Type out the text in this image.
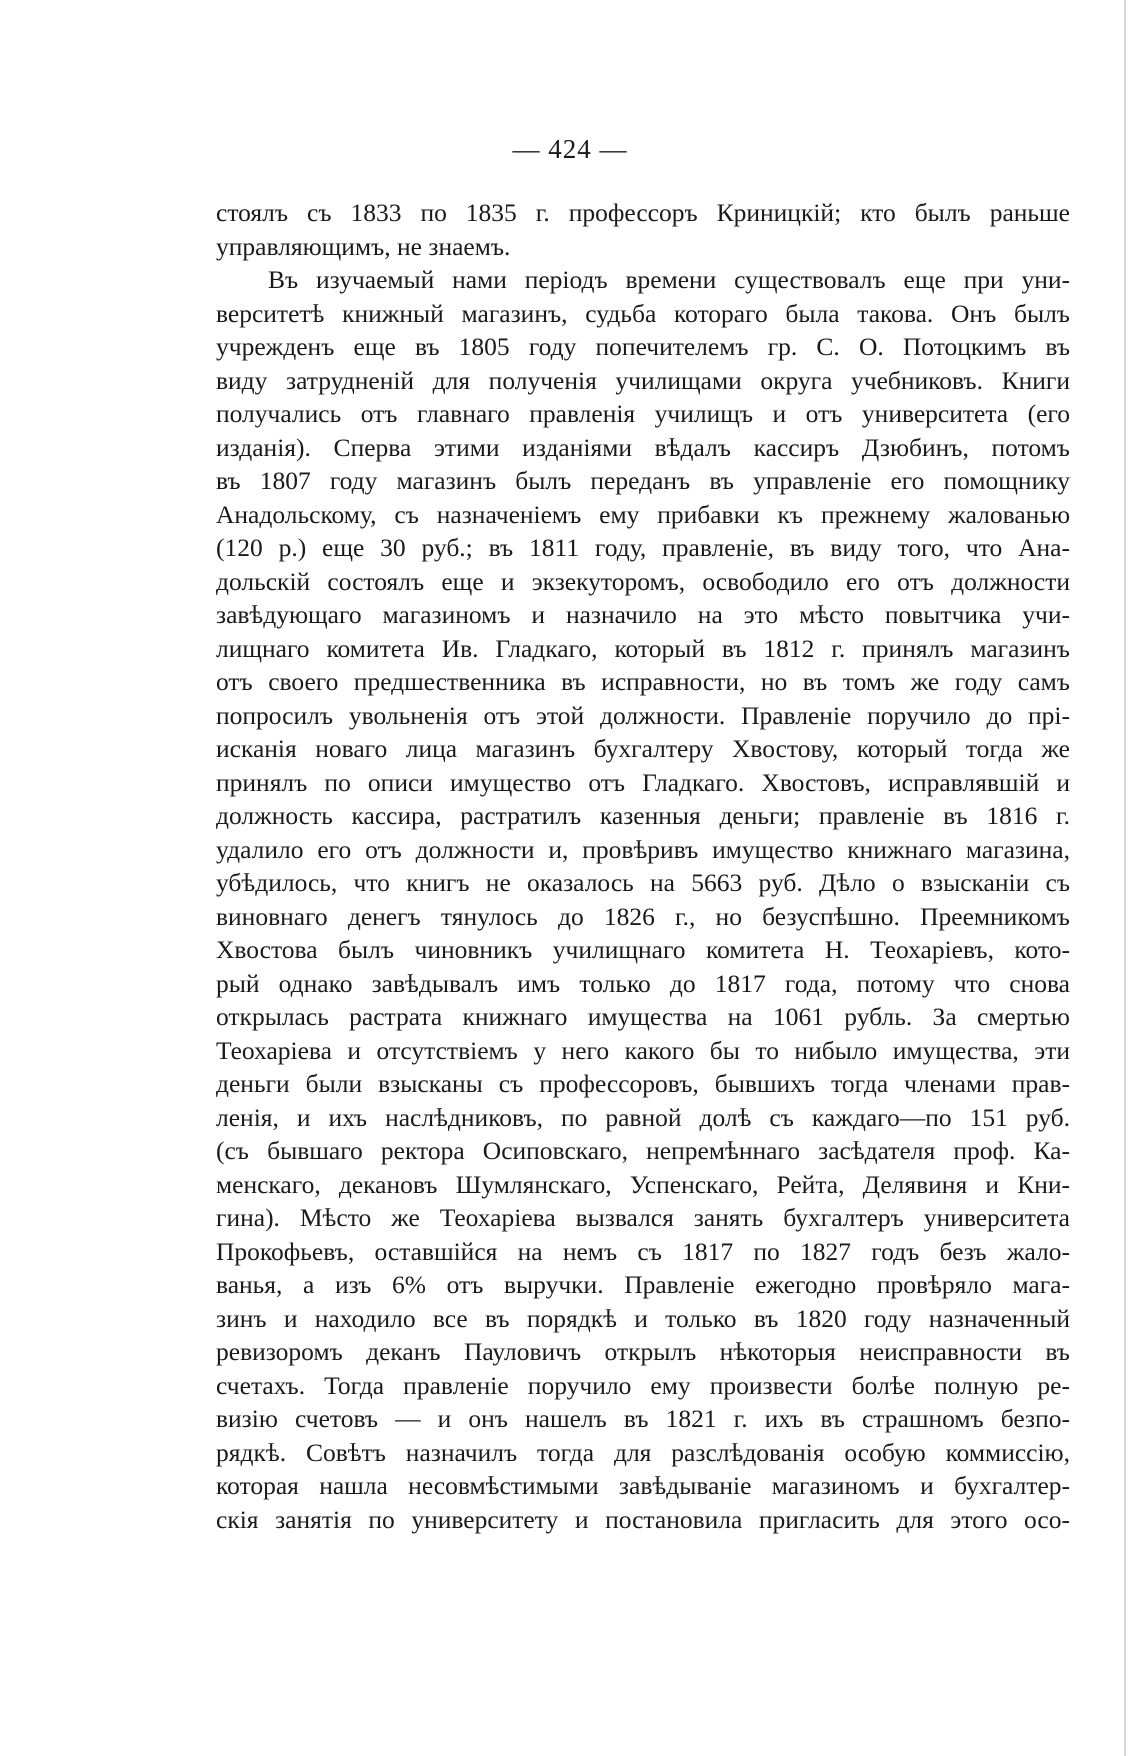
— 424 —
стоялъ съ 1833 по 1835 г. профессоръ Криницкій; кто былъ раньше
управляющимъ, не знаемъ.
Въ изучаемый нами періодъ времени существовалъ еще при уни-
верситетѣ книжный магазинъ, судьба котораго была такова. Онъ былъ
учрежденъ еще въ 1805 году попечителемъ гр. С. О. Потоцкимъ въ
виду затрудненій для полученія училищами округа учебниковъ. Книги
получались отъ главнаго правленія училищъ и отъ университета (его
изданія). Сперва этими изданіями вѣдалъ кассиръ Дзюбинъ, потомъ
въ 1807 году магазинъ былъ переданъ въ управленіе его помощнику
Анадольскому, съ назначеніемъ ему прибавки къ прежнему жалованью
(120 р.) еще 30 руб.; въ 1811 году, правленіе, въ виду того, что Ана-
дольскій состоялъ еще и экзекуторомъ, освободило его отъ должности
завѣдующаго магазиномъ и назначило на это мѣсто повытчика учи-
лищнаго комитета Ив. Гладкаго, который въ 1812 г. принялъ магазинъ
отъ своего предшественника въ исправности, но въ томъ же году самъ
попросилъ увольненія отъ этой должности. Правленіе поручило до прі-
исканія новаго лица магазинъ бухгалтеру Хвостову, который тогда же
принялъ по описи имущество отъ Гладкаго. Хвостовъ, исправлявшій и
должность кассира, растратилъ казенныя деньги; правленіе въ 1816 г.
удалило его отъ должности и, провѣривъ имущество книжнаго магазина,
убѣдилось, что книгъ не оказалось на 5663 руб. Дѣло о взысканіи съ
виновнаго денегъ тянулось до 1826 г., но безуспѣшно. Преемникомъ
Хвостова былъ чиновникъ училищнаго комитета Н. Теохаріевъ, кото-
рый однако завѣдывалъ имъ только до 1817 года, потому что снова
открылась растрата книжнаго имущества на 1061 рубль. За смертью
Теохаріева и отсутствіемъ у него какого бы то нибыло имущества, эти
деньги были взысканы съ профессоровъ, бывшихъ тогда членами прав-
ленія, и ихъ наслѣдниковъ, по равной долѣ съ каждаго—по 151 руб.
(съ бывшаго ректора Осиповскаго, непремѣннаго засѣдателя проф. Ка-
менскаго, декановъ Шумлянскаго, Успенскаго, Рейта, Делявиня и Кни-
гина). Мѣсто же Теохаріева вызвался занять бухгалтеръ университета
Прокофьевъ, оставшійся на немъ съ 1817 по 1827 годъ безъ жало-
ванья, а изъ 6% отъ выручки. Правленіе ежегодно провѣряло мага-
зинъ и находило все въ порядкѣ и только въ 1820 году назначенный
ревизоромъ деканъ Пауловичъ открылъ нѣкоторыя неисправности въ
счетахъ. Тогда правленіе поручило ему произвести болѣе полную ре-
визію счетовъ — и онъ нашелъ въ 1821 г. ихъ въ страшномъ безпо-
рядкѣ. Совѣтъ назначилъ тогда для разслѣдованія особую коммиссію,
которая нашла несовмѣстимыми завѣдываніе магазиномъ и бухгалтер-
скія занятія по университету и постановила пригласить для этого осо-
